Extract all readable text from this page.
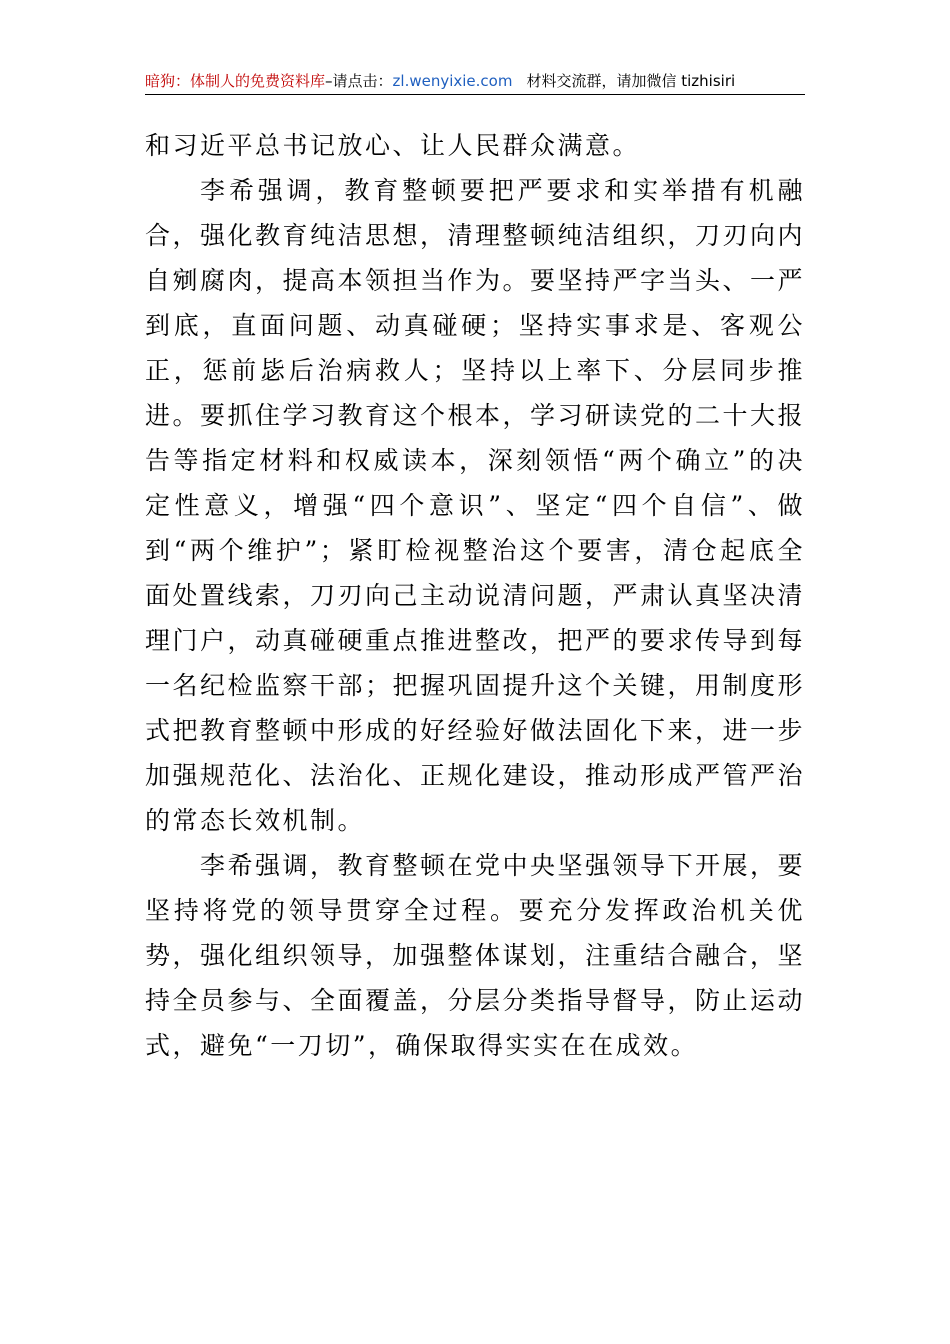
暗狗：体制人的免费资料库–请点击：zl.wenyixie.com 材料交流群，请加微信 tizhisiri

和习近平总书记放心、让人民群众满意。

李希强调，教育整顿要把严要求和实举措有机融合，强化教育纯洁思想，清理整顿纯洁组织，刀刃向内自剜腐肉，提高本领担当作为。要坚持严字当头、一严到底，直面问题、动真碰硬；坚持实事求是、客观公正，惩前毖后治病救人；坚持以上率下、分层同步推进。要抓住学习教育这个根本，学习研读党的二十大报告等指定材料和权威读本，深刻领悟“两个确立”的决定性意义，增强“四个意识”、坚定“四个自信”、做到“两个维护”；紧盯检视整治这个要害，清仓起底全面处置线索，刀刃向己主动说清问题，严肃认真坚决清理门户，动真碰硬重点推进整改，把严的要求传导到每一名纪检监察干部；把握巩固提升这个关键，用制度形式把教育整顿中形成的好经验好做法固化下来，进一步加强规范化、法治化、正规化建设，推动形成严管严治的常态长效机制。

李希强调，教育整顿在党中央坚强领导下开展，要坚持将党的领导贯穿全过程。要充分发挥政治机关优势，强化组织领导，加强整体谋划，注重结合融合，坚持全员参与、全面覆盖，分层分类指导督导，防止运动式，避免“一刀切”，确保取得实实在在成效。
